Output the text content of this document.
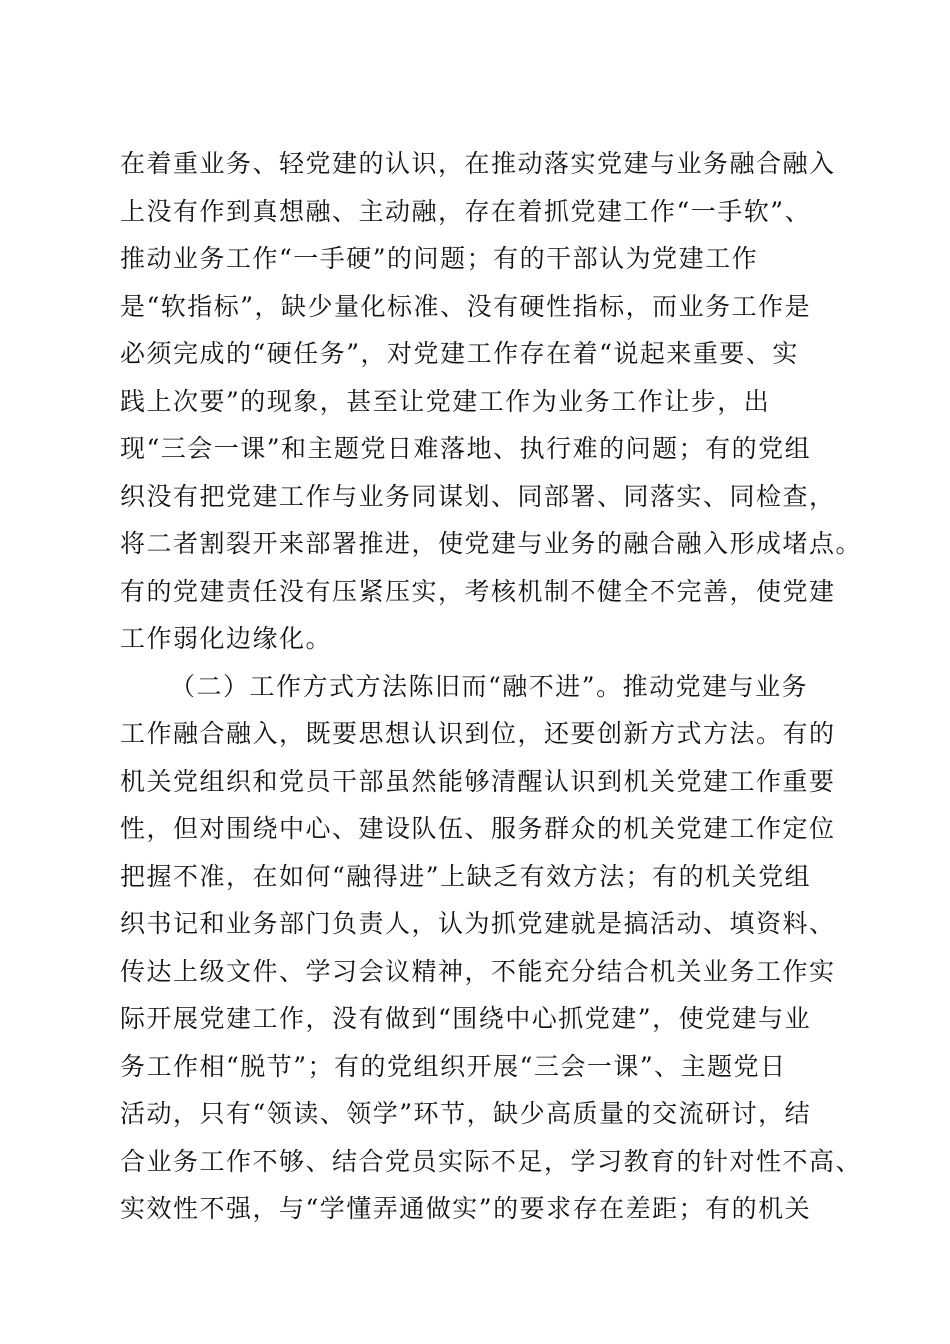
在着重业务、轻党建的认识，在推动落实党建与业务融合融入
上没有作到真想融、主动融，存在着抓党建工作“一手软”、
推动业务工作“一手硬”的问题；有的干部认为党建工作
是“软指标”，缺少量化标准、没有硬性指标，而业务工作是
必须完成的“硬任务”，对党建工作存在着“说起来重要、实
践上次要”的现象，甚至让党建工作为业务工作让步，出
现“三会一课”和主题党日难落地、执行难的问题；有的党组
织没有把党建工作与业务同谋划、同部署、同落实、同检查，
将二者割裂开来部署推进，使党建与业务的融合融入形成堵点。
有的党建责任没有压紧压实，考核机制不健全不完善，使党建
工作弱化边缘化。
（二）工作方式方法陈旧而“融不进”。推动党建与业务
工作融合融入，既要思想认识到位，还要创新方式方法。有的
机关党组织和党员干部虽然能够清醒认识到机关党建工作重要
性，但对围绕中心、建设队伍、服务群众的机关党建工作定位
把握不准，在如何“融得进”上缺乏有效方法；有的机关党组
织书记和业务部门负责人，认为抓党建就是搞活动、填资料、
传达上级文件、学习会议精神，不能充分结合机关业务工作实
际开展党建工作，没有做到“围绕中心抓党建”，使党建与业
务工作相“脱节”；有的党组织开展“三会一课”、主题党日
活动，只有“领读、领学”环节，缺少高质量的交流研讨，结
合业务工作不够、结合党员实际不足，学习教育的针对性不高、
实效性不强，与“学懂弄通做实”的要求存在差距；有的机关
